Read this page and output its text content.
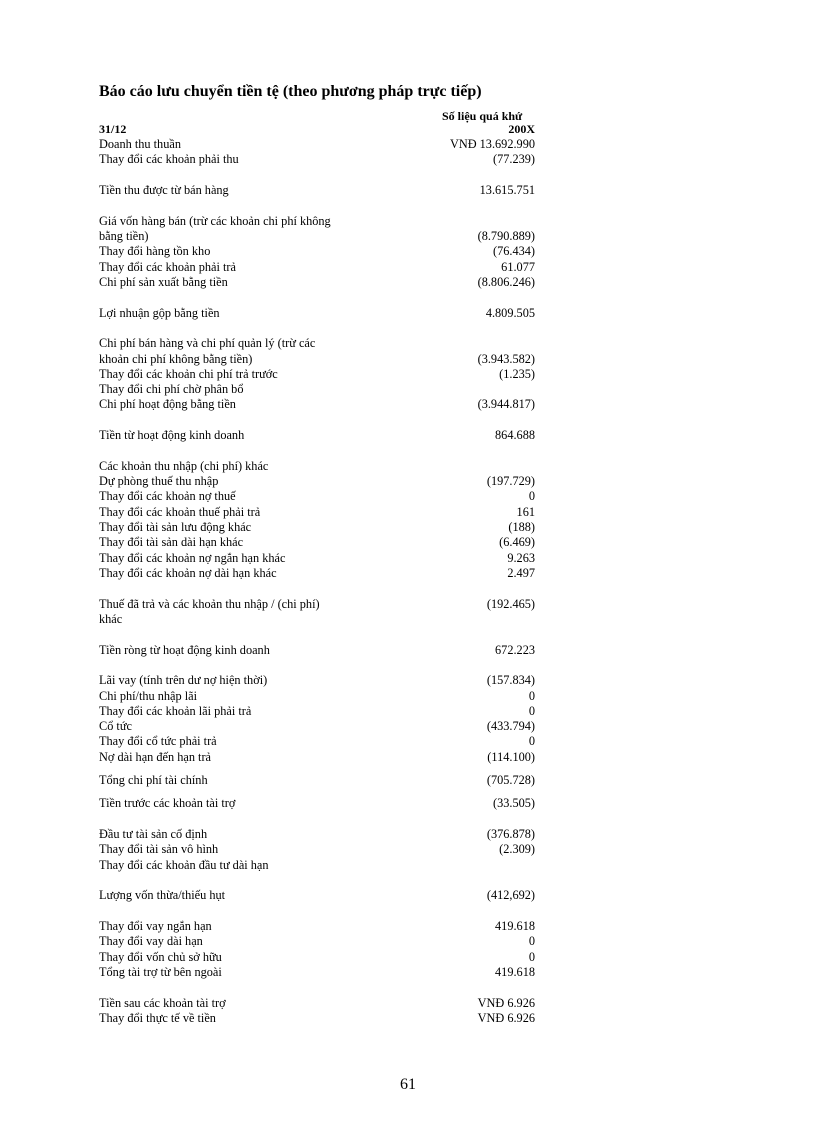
Báo cáo lưu chuyển tiền tệ (theo phương pháp trực tiếp)
Số liệu quá khứ
31/12	200X
Doanh thu thuần	VNĐ 13.692.990
Thay đổi các khoản phải thu	(77.239)
Tiền thu được từ bán hàng	13.615.751
Giá vốn hàng bán (trừ các khoản chi phí không
bằng tiền)	(8.790.889)
Thay đổi hàng tồn kho	(76.434)
Thay đổi các khoản phải trả	61.077
Chi phí sản xuất bằng tiền	(8.806.246)
Lợi nhuận gộp bằng tiền	4.809.505
Chi phí bán hàng và chi phí quản lý (trừ các
khoản chi phí không bằng tiền)	(3.943.582)
Thay đổi các khoản chi phí trả trước	(1.235)
Thay đổi chi phí chờ phân bổ
Chi phí hoạt động bằng tiền	(3.944.817)
Tiền từ hoạt động kinh doanh	864.688
Các khoản thu nhập (chi phí) khác
Dự phòng thuế thu nhập	(197.729)
Thay đổi các khoản nợ thuế	0
Thay đổi các khoản thuế phải trả	161
Thay đổi tài sản lưu động khác	(188)
Thay đổi tài sản dài hạn khác	(6.469)
Thay đổi các khoản nợ ngắn hạn khác	9.263
Thay đổi các khoản nợ dài hạn khác	2.497
Thuế đã trả và các khoản thu nhập / (chi phí)	(192.465)
khác
Tiền ròng từ hoạt động kinh doanh	672.223
Lãi vay (tính trên dư nợ hiện thời)	(157.834)
Chi phí/thu nhập lãi	0
Thay đổi các khoản lãi phải trả	0
Cổ tức	(433.794)
Thay đổi cổ tức phải trả	0
Nợ dài hạn đến hạn trả	(114.100)
Tổng chi phí tài chính	(705.728)
Tiền trước các khoản tài trợ	(33.505)
Đầu tư tài sản cố định	(376.878)
Thay đổi tài sản vô hình	(2.309)
Thay đổi các khoản đầu tư dài hạn
Lượng vốn thừa/thiếu hụt	(412,692)
Thay đổi vay ngắn hạn	419.618
Thay đổi vay dài hạn	0
Thay đổi vốn chủ sở hữu	0
Tổng tài trợ từ bên ngoài	419.618
Tiền sau các khoản tài trợ	VNĐ 6.926
Thay đổi thực tế về tiền	VNĐ 6.926
61
